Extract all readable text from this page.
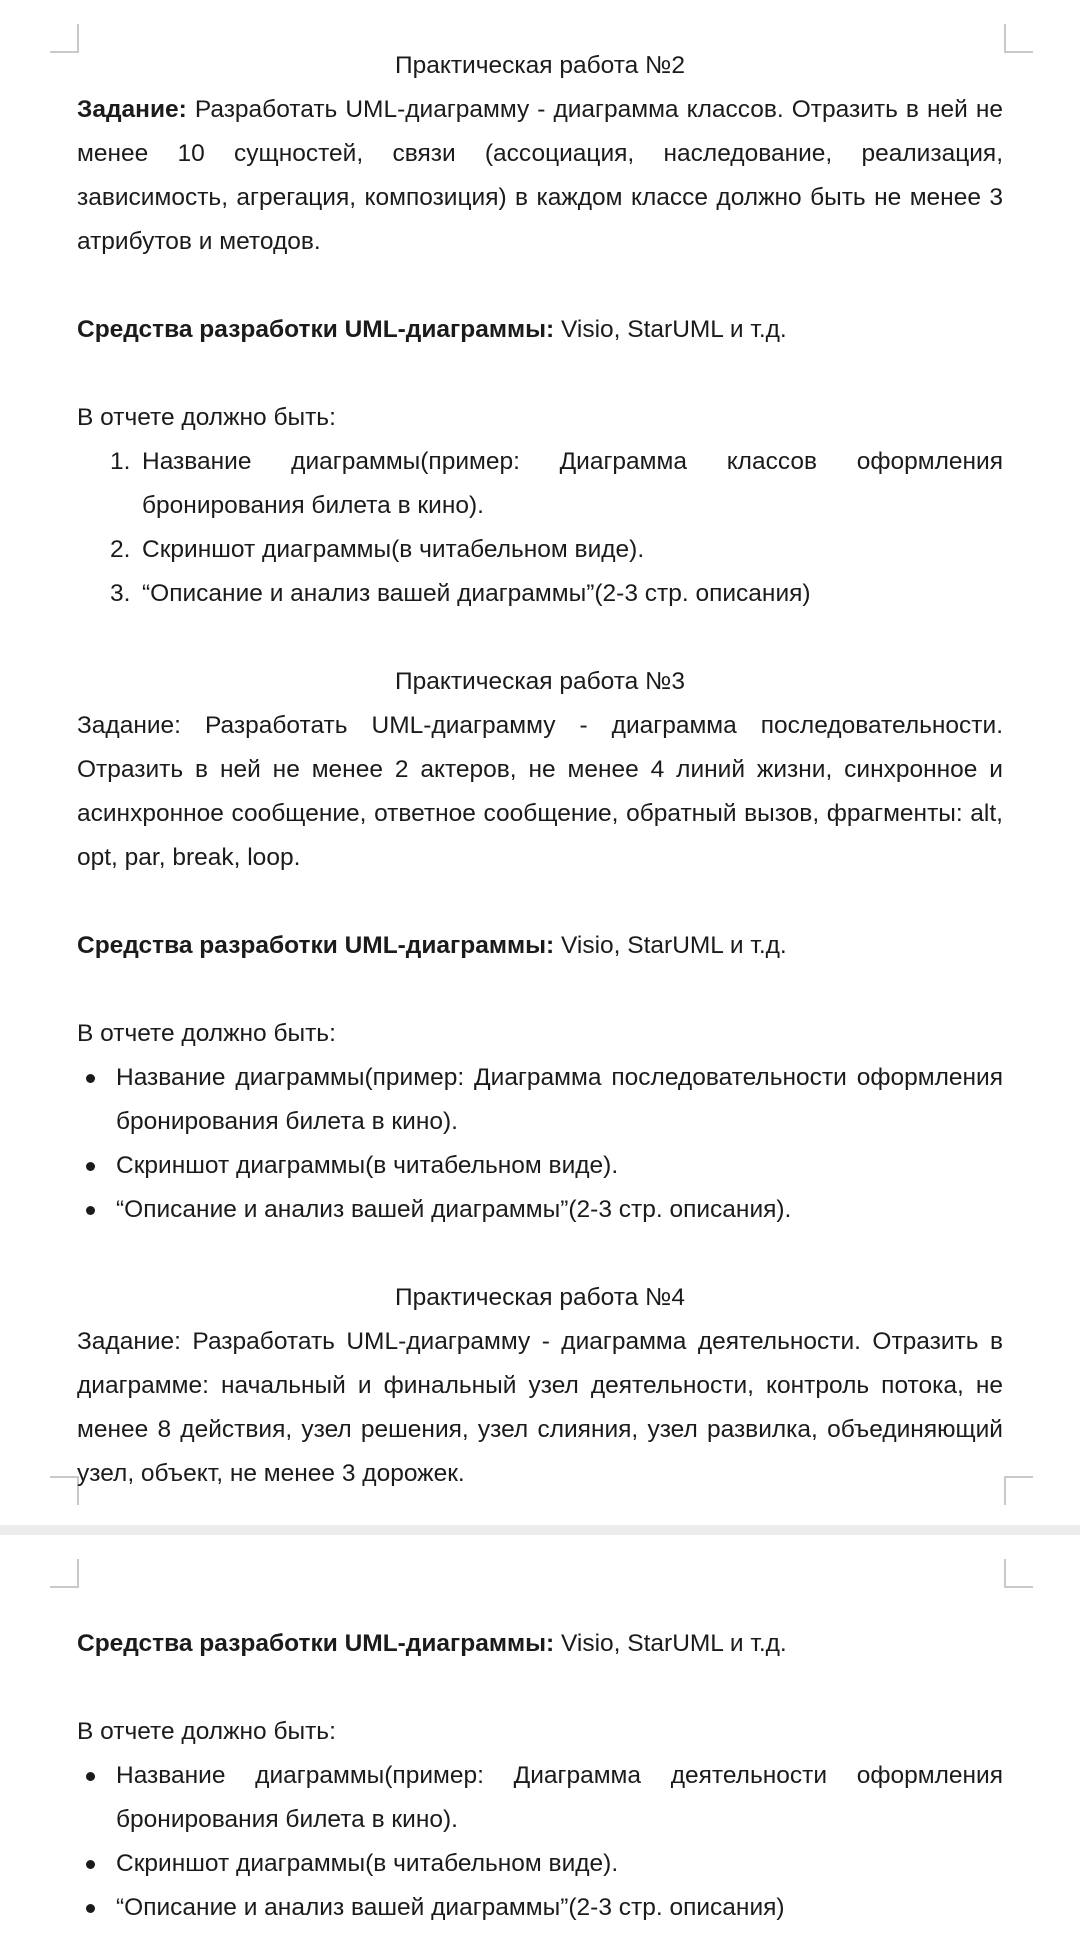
Практическая работа №2

Задание: Разработать UML-диаграмму - диаграмма классов. Отразить в ней не менее 10 сущностей, связи (ассоциация, наследование, реализация, зависимость, агрегация, композиция) в каждом классе должно быть не менее 3 атрибутов и методов.

Средства разработки UML-диаграммы: Visio, StarUML и т.д.

В отчете должно быть:

1. Название диаграммы(пример: Диаграмма классов оформления бронирования билета в кино).
2. Скриншот диаграммы(в читабельном виде).
3. “Описание и анализ вашей диаграммы”(2-3 стр. описания)

Практическая работа №3

Задание: Разработать UML-диаграмму - диаграмма последовательности. Отразить в ней не менее 2 актеров, не менее 4 линий жизни, синхронное и асинхронное сообщение, ответное сообщение, обратный вызов, фрагменты: alt, opt, par, break, loop.

Средства разработки UML-диаграммы: Visio, StarUML и т.д.

В отчете должно быть:

Название диаграммы(пример: Диаграмма последовательности оформления бронирования билета в кино).
Скриншот диаграммы(в читабельном виде).
“Описание и анализ вашей диаграммы”(2-3 стр. описания).

Практическая работа №4

Задание: Разработать UML-диаграмму - диаграмма деятельности. Отразить в диаграмме: начальный и финальный узел деятельности, контроль потока, не менее 8 действия, узел решения, узел слияния, узел развилка, объединяющий узел, объект, не менее 3 дорожек.

Средства разработки UML-диаграммы: Visio, StarUML и т.д.

В отчете должно быть:

Название диаграммы(пример: Диаграмма деятельности оформления бронирования билета в кино).
Скриншот диаграммы(в читабельном виде).
“Описание и анализ вашей диаграммы”(2-3 стр. описания)
